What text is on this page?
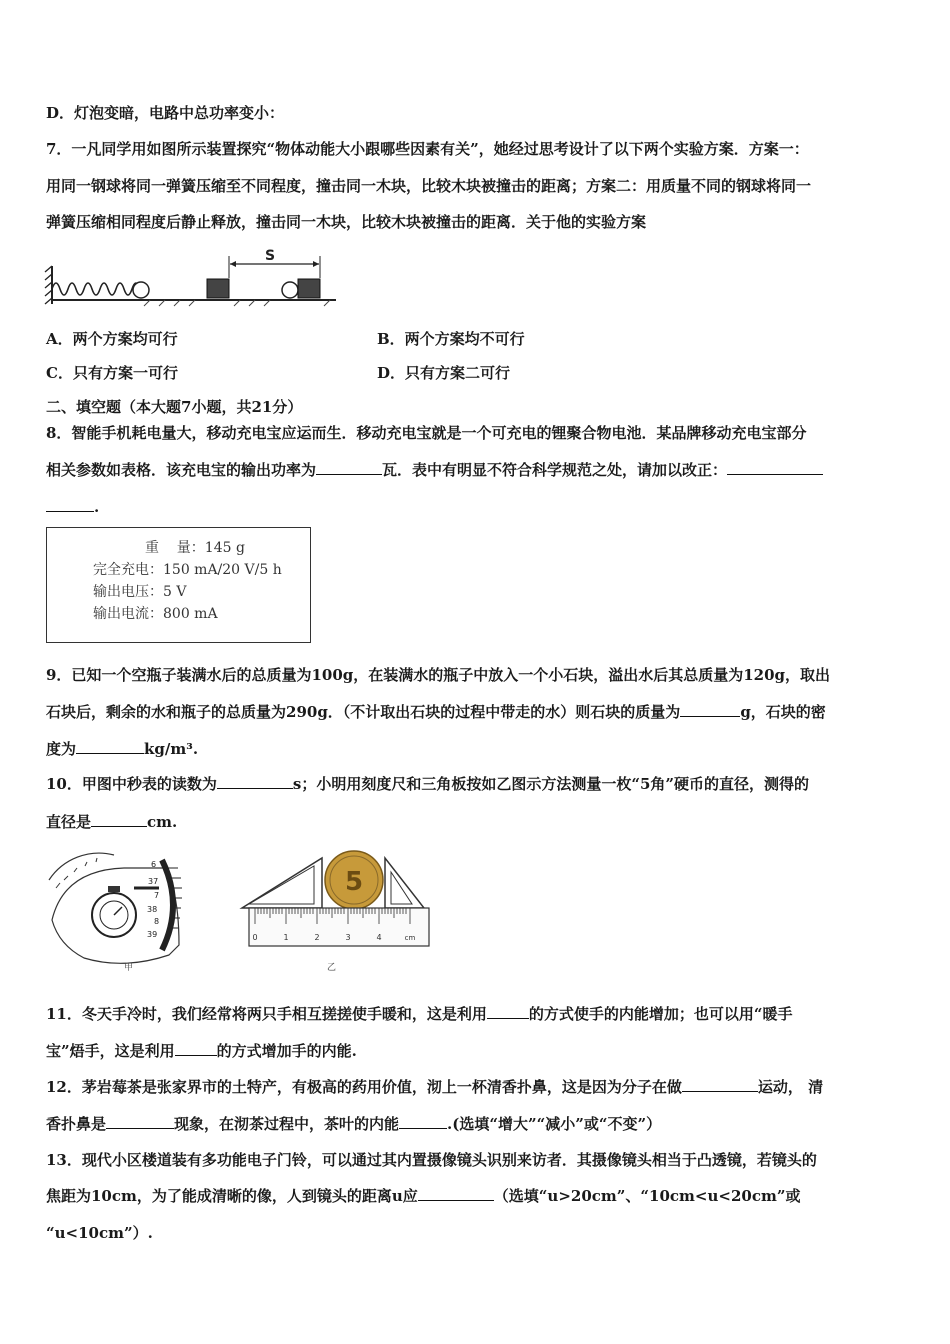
D．灯泡变暗，电路中总功率变小：
7．一凡同学用如图所示装置探究“物体动能大小跟哪些因素有关”，她经过思考设计了以下两个实验方案．方案一：
用同一钢球将同一弹簧压缩至不同程度，撞击同一木块，比较木块被撞击的距离；方案二：用质量不同的钢球将同一
弹簧压缩相同程度后静止释放，撞击同一木块，比较木块被撞击的距离．关于他的实验方案
S
A．两个方案均可行	B．两个方案均不可行
C．只有方案一可行	D．只有方案二可行
二、填空题（本大题7小题，共21分）
8．智能手机耗电量大，移动充电宝应运而生．移动充电宝就是一个可充电的锂聚合物电池．某品牌移动充电宝部分
相关参数如表格．该充电宝的输出功率为	瓦．表中有明显不符合科学规范之处，请加以改正：
.
重    量：145 g
完全充电：150 mA/20 V/5 h
输出电压：5 V
输出电流：800 mA
9．已知一个空瓶子装满水后的总质量为100g，在装满水的瓶子中放入一个小石块，溢出水后其总质量为120g，取出
石块后，剩余的水和瓶子的总质量为290g．（不计取出石块的过程中带走的水）则石块的质量为	g，石块的密
度为	kg/m³.
10．甲图中秒表的读数为	s；小明用刻度尺和三角板按如乙图示方法测量一枚“5角”硬币的直径，测得的
直径是	cm.
6
37
7
38
8
39
甲
5
0	1	2	3	4	cm
乙
11．冬天手冷时，我们经常将两只手相互搓搓使手暖和，这是利用	的方式使手的内能增加；也可以用“暖手
宝”焐手，这是利用	的方式增加手的内能.
12．茅岩莓茶是张家界市的土特产，有极高的药用价值，沏上一杯清香扑鼻，这是因为分子在做	运动， 清
香扑鼻是	现象，在沏茶过程中，茶叶的内能	.(选填“增大”“减小”或“不变”）
13．现代小区楼道装有多功能电子门铃，可以通过其内置摄像镜头识别来访者．其摄像镜头相当于凸透镜，若镜头的
焦距为10cm，为了能成清晰的像，人到镜头的距离u应	（选填“u>20cm”、“10cm<u<20cm”或
“u<10cm”）.
